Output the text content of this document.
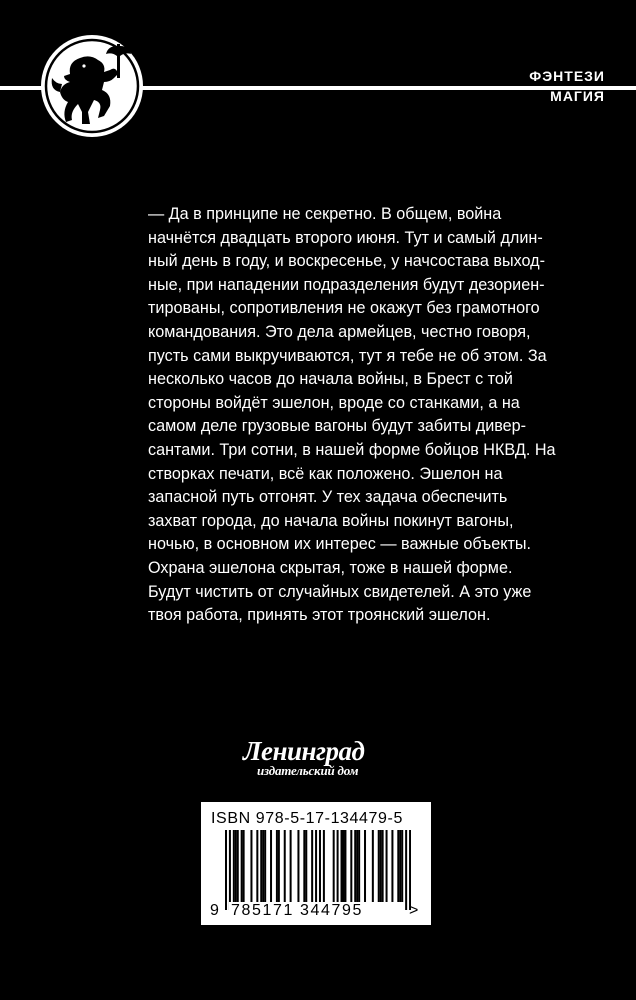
ФЭНТЕЗИ
МАГИЯ
— Да в принципе не секретно. В общем, война
начнётся двадцать второго июня. Тут и самый длин-
ный день в году, и воскресенье, у начсостава выход-
ные, при нападении подразделения будут дезориен-
тированы, сопротивления не окажут без грамотного
командования. Это дела армейцев, честно говоря,
пусть сами выкручиваются, тут я тебе не об этом. За
несколько часов до начала войны, в Брест с той
стороны войдёт эшелон, вроде со станками, а на
самом деле грузовые вагоны будут забиты дивер-
сантами. Три сотни, в нашей форме бойцов НКВД. На
створках печати, всё как положено. Эшелон на
запасной путь отгонят. У тех задача обеспечить
захват города, до начала войны покинут вагоны,
ночью, в основном их интерес — важные объекты.
Охрана эшелона скрытая, тоже в нашей форме.
Будут чистить от случайных свидетелей. А это уже
твоя работа, принять этот троянский эшелон.
Ленинград
издательский дом
ISBN 978-5-17-134479-5
9 785171 344795	>
